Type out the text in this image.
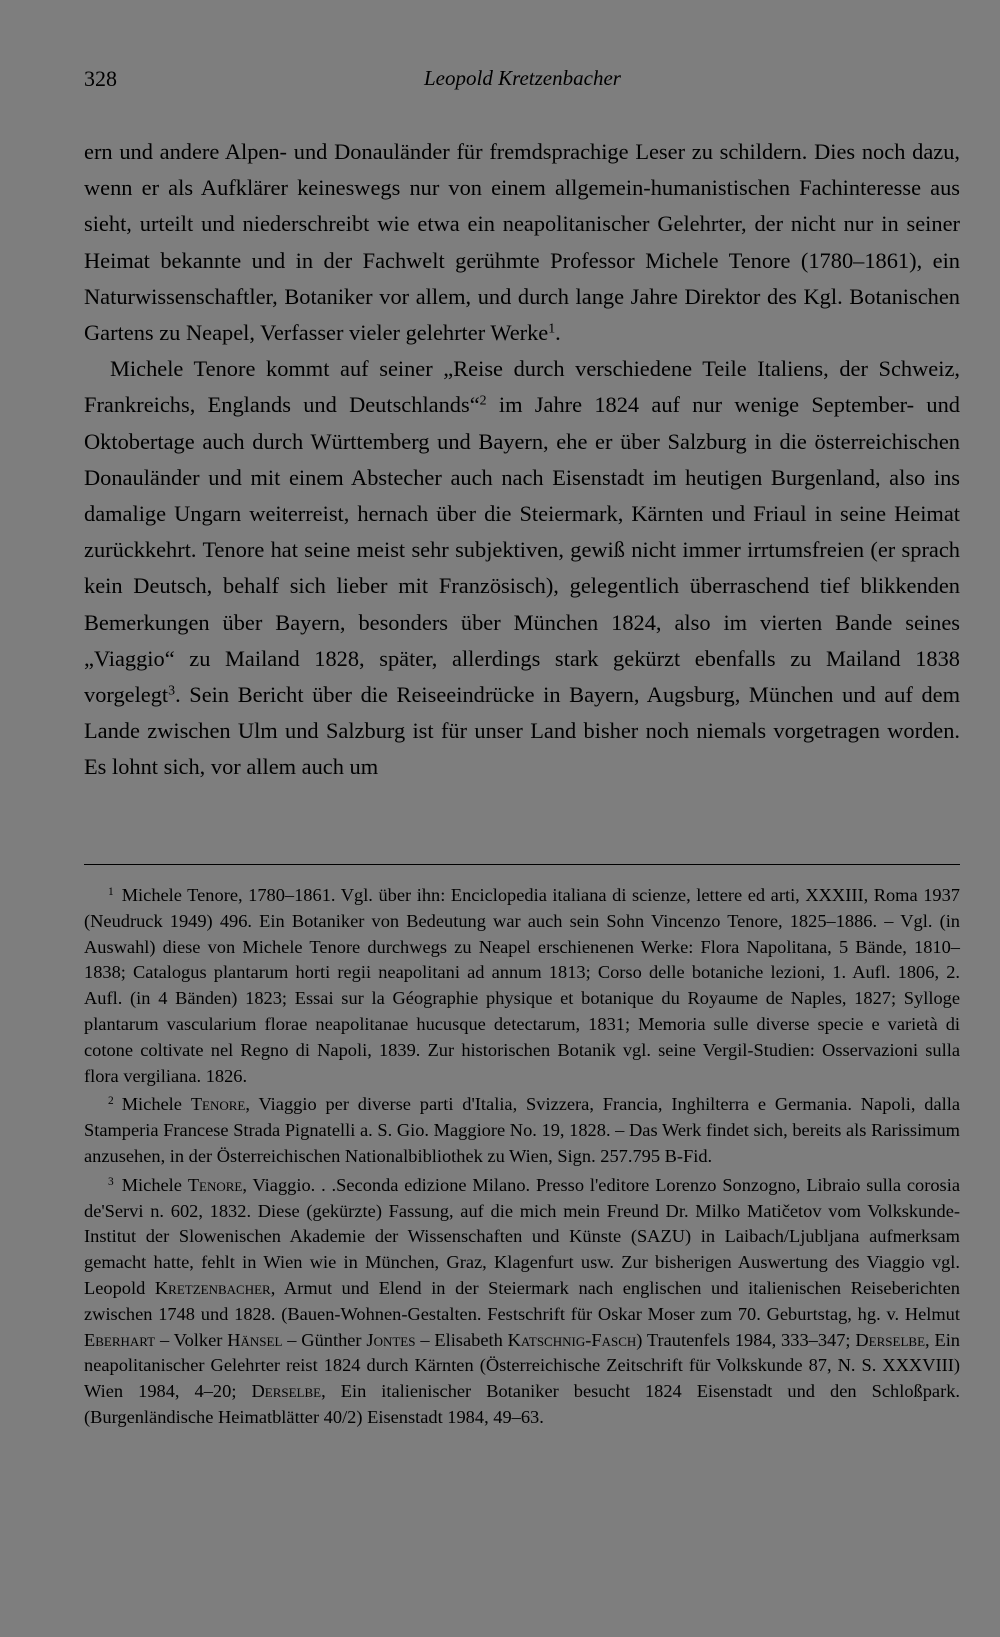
328	Leopold Kretzenbacher

ern und andere Alpen- und Donauländer für fremdsprachige Leser zu schildern. Dies noch dazu, wenn er als Aufklärer keineswegs nur von einem allgemein-humanistischen Fachinteresse aus sieht, urteilt und niederschreibt wie etwa ein neapolitanischer Gelehrter, der nicht nur in seiner Heimat bekannte und in der Fachwelt gerühmte Professor Michele Tenore (1780–1861), ein Naturwissenschaftler, Botaniker vor allem, und durch lange Jahre Direktor des Kgl. Botanischen Gartens zu Neapel, Verfasser vieler gelehrter Werke$^1$.

Michele Tenore kommt auf seiner „Reise durch verschiedene Teile Italiens, der Schweiz, Frankreichs, Englands und Deutschlands“$^2$ im Jahre 1824 auf nur wenige September- und Oktobertage auch durch Württemberg und Bayern, ehe er über Salzburg in die österreichischen Donauländer und mit einem Abstecher auch nach Eisenstadt im heutigen Burgenland, also ins damalige Ungarn weiterreist, hernach über die Steiermark, Kärnten und Friaul in seine Heimat zurückkehrt. Tenore hat seine meist sehr subjektiven, gewiß nicht immer irrtumsfreien (er sprach kein Deutsch, behalf sich lieber mit Französisch), gelegentlich überraschend tief blikkenden Bemerkungen über Bayern, besonders über München 1824, also im vierten Bande seines „Viaggio“ zu Mailand 1828, später, allerdings stark gekürzt ebenfalls zu Mailand 1838 vorgelegt$^3$. Sein Bericht über die Reiseeindrücke in Bayern, Augsburg, München und auf dem Lande zwischen Ulm und Salzburg ist für unser Land bisher noch niemals vorgetragen worden. Es lohnt sich, vor allem auch um

$^1$ Michele Tenore, 1780–1861. Vgl. über ihn: Enciclopedia italiana di scienze, lettere ed arti, XXXIII, Roma 1937 (Neudruck 1949) 496. Ein Botaniker von Bedeutung war auch sein Sohn Vincenzo Tenore, 1825–1886. – Vgl. (in Auswahl) diese von Michele Tenore durchwegs zu Neapel erschienenen Werke: Flora Napolitana, 5 Bände, 1810–1838; Catalogus plantarum horti regii neapolitani ad annum 1813; Corso delle botaniche lezioni, 1. Aufl. 1806, 2. Aufl. (in 4 Bänden) 1823; Essai sur la Géographie physique et botanique du Royaume de Naples, 1827; Sylloge plantarum vascularium florae neapolitanae hucusque detectarum, 1831; Memoria sulle diverse specie e varietà di cotone coltivate nel Regno di Napoli, 1839. Zur historischen Botanik vgl. seine Vergil-Studien: Osservazioni sulla flora vergiliana. 1826.

$^2$ Michele Tenore, Viaggio per diverse parti d'Italia, Svizzera, Francia, Inghilterra e Germania. Napoli, dalla Stamperia Francese Strada Pignatelli a. S. Gio. Maggiore No. 19, 1828. – Das Werk findet sich, bereits als Rarissimum anzusehen, in der Österreichischen Nationalbibliothek zu Wien, Sign. 257.795 B-Fid.

$^3$ Michele Tenore, Viaggio. . .Seconda edizione Milano. Presso l'editore Lorenzo Sonzogno, Libraio sulla corosia de'Servi n. 602, 1832. Diese (gekürzte) Fassung, auf die mich mein Freund Dr. Milko Matičetov vom Volkskunde-Institut der Slowenischen Akademie der Wissenschaften und Künste (SAZU) in Laibach/Ljubljana aufmerksam gemacht hatte, fehlt in Wien wie in München, Graz, Klagenfurt usw. Zur bisherigen Auswertung des Viaggio vgl. Leopold Kretzenbacher, Armut und Elend in der Steiermark nach englischen und italienischen Reiseberichten zwischen 1748 und 1828. (Bauen-Wohnen-Gestalten. Festschrift für Oskar Moser zum 70. Geburtstag, hg. v. Helmut Eberhart – Volker Hänsel – Günther Jontes – Elisabeth Katschnig-Fasch) Trautenfels 1984, 333–347; Derselbe, Ein neapolitanischer Gelehrter reist 1824 durch Kärnten (Österreichische Zeitschrift für Volkskunde 87, N. S. XXXVIII) Wien 1984, 4–20; Derselbe, Ein italienischer Botaniker besucht 1824 Eisenstadt und den Schloßpark. (Burgenländische Heimatblätter 40/2) Eisenstadt 1984, 49–63.
